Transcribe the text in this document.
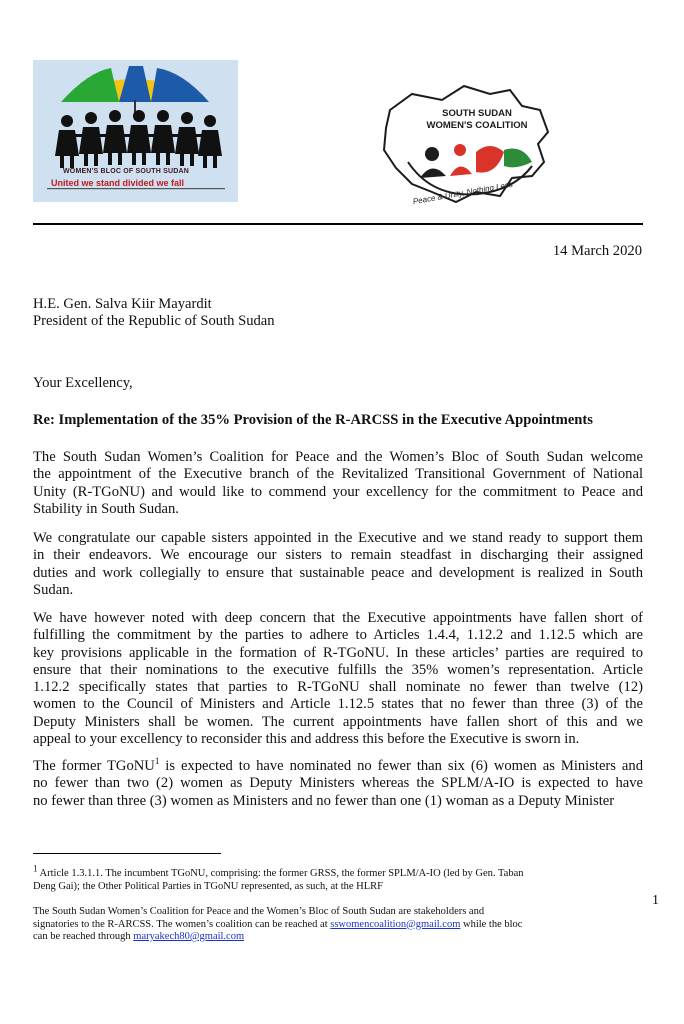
WOMEN'S BLOC OF SOUTH SUDAN
United we stand divided we fall
SOUTH SUDAN
WOMEN'S COALITION
Peace & Unity, Nothing Less
14 March 2020
H.E. Gen. Salva Kiir Mayardit
President of the Republic of South Sudan
Your Excellency,
Re: Implementation of the 35% Provision of the R-ARCSS in the Executive Appointments
The South Sudan Women’s Coalition for Peace and the Women’s Bloc of South Sudan welcome
the appointment of the Executive branch of the Revitalized Transitional Government of National
Unity (R-TGoNU) and would like to commend your excellency for the commitment to Peace and
Stability in South Sudan.
We congratulate our capable sisters appointed in the Executive and we stand ready to support them
in their endeavors. We encourage our sisters to remain steadfast in discharging their assigned
duties and work collegially to ensure that sustainable peace and development is realized in South
Sudan.
We have however noted with deep concern that the Executive appointments have fallen short of
fulfilling the commitment by the parties to adhere to Articles 1.4.4, 1.12.2 and 1.12.5 which are
key provisions applicable in the formation of R-TGoNU. In these articles’ parties are required to
ensure that their nominations to the executive fulfills the 35% women’s representation. Article
1.12.2 specifically states that parties to R-TGoNU shall nominate no fewer than twelve (12)
women to the Council of Ministers and Article 1.12.5 states that no fewer than three (3) of the
Deputy Ministers shall be women. The current appointments have fallen short of this and we
appeal to your excellency to reconsider this and address this before the Executive is sworn in.
The former TGoNU$^1$ is expected to have nominated no fewer than six (6) women as Ministers and
no fewer than two (2) women as Deputy Ministers whereas the SPLM/A-IO is expected to have
no fewer than three (3) women as Ministers and no fewer than one (1) woman as a Deputy Minister
$^1$ Article 1.3.1.1. The incumbent TGoNU, comprising: the former GRSS, the former SPLM/A-IO (led by Gen. Taban
Deng Gai); the Other Political Parties in TGoNU represented, as such, at the HLRF
1
The South Sudan Women’s Coalition for Peace and the Women’s Bloc of South Sudan are stakeholders and
signatories to the R-ARCSS. The women’s coalition can be reached at sswomencoalition@gmail.com while the bloc
can be reached through maryakech80@gmail.com
